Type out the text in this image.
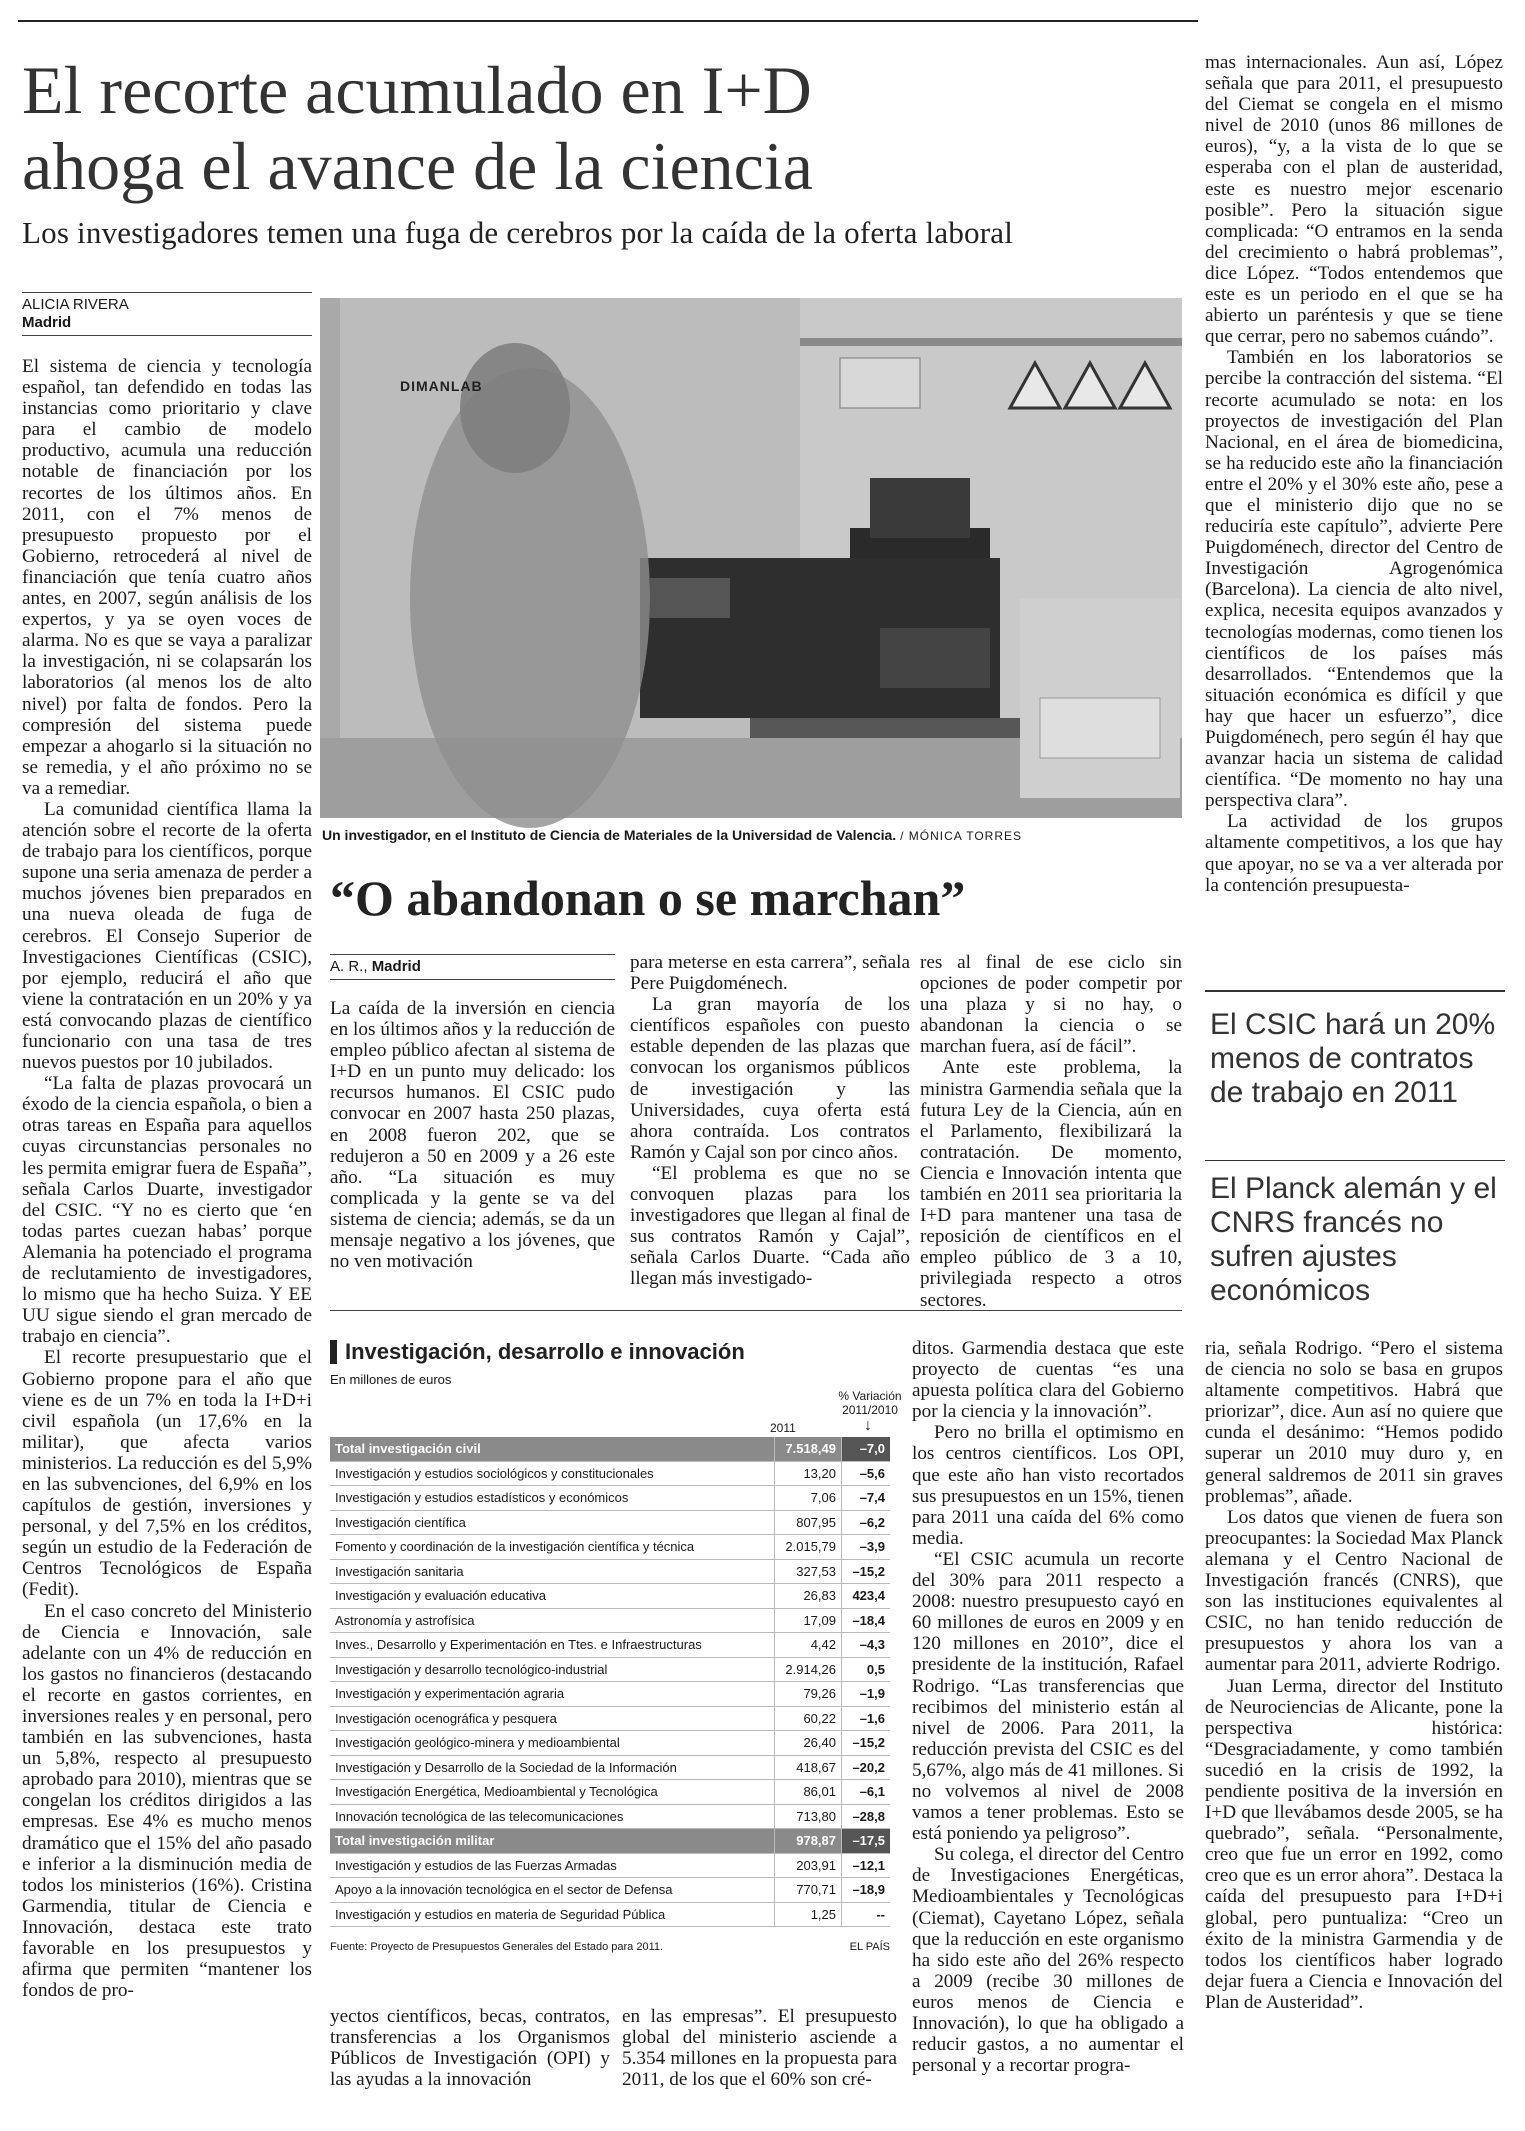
El recorte acumulado en I+D
ahoga el avance de la ciencia
Los investigadores temen una fuga de cerebros por la caída de la oferta laboral
ALICIA RIVERA
Madrid

El sistema de ciencia y tecnología español, tan defendido en todas las instancias como prioritario y clave para el cambio de modelo productivo, acumula una reducción notable de financiación por los recortes de los últimos años. En 2011, con el 7% menos de presupuesto propuesto por el Gobierno, retrocederá al nivel de financiación que tenía cuatro años antes, en 2007, según análisis de los expertos, y ya se oyen voces de alarma. No es que se vaya a paralizar la investigación, ni se colapsarán los laboratorios (al menos los de alto nivel) por falta de fondos. Pero la compresión del sistema puede empezar a ahogarlo si la situación no se remedia, y el año próximo no se va a remediar.

La comunidad científica llama la atención sobre el recorte de la oferta de trabajo para los científicos, porque supone una seria amenaza de perder a muchos jóvenes bien preparados en una nueva oleada de fuga de cerebros. El Consejo Superior de Investigaciones Científicas (CSIC), por ejemplo, reducirá el año que viene la contratación en un 20% y ya está convocando plazas de científico funcionario con una tasa de tres nuevos puestos por 10 jubilados.

“La falta de plazas provocará un éxodo de la ciencia española, o bien a otras tareas en España para aquellos cuyas circunstancias personales no les permita emigrar fuera de España”, señala Carlos Duarte, investigador del CSIC. “Y no es cierto que ‘en todas partes cuezan habas’ porque Alemania ha potenciado el programa de reclutamiento de investigadores, lo mismo que ha hecho Suiza. Y EE UU sigue siendo el gran mercado de trabajo en ciencia”.

El recorte presupuestario que el Gobierno propone para el año que viene es de un 7% en toda la I+D+i civil española (un 17,6% en la militar), que afecta varios ministerios. La reducción es del 5,9% en las subvenciones, del 6,9% en los capítulos de gestión, inversiones y personal, y del 7,5% en los créditos, según un estudio de la Federación de Centros Tecnológicos de España (Fedit).

En el caso concreto del Ministerio de Ciencia e Innovación, sale adelante con un 4% de reducción en los gastos no financieros (destacando el recorte en gastos corrientes, en inversiones reales y en personal, pero también en las subvenciones, hasta un 5,8%, respecto al presupuesto aprobado para 2010), mientras que se congelan los créditos dirigidos a las empresas. Ese 4% es mucho menos dramático que el 15% del año pasado e inferior a la disminución media de todos los ministerios (16%). Cristina Garmendia, titular de Ciencia e Innovación, destaca este trato favorable en los presupuestos y afirma que permiten “mantener los fondos de pro-

DIMANLAB
Un investigador, en el Instituto de Ciencia de Materiales de la Universidad de Valencia. / MÓNICA TORRES
“O abandonan o se marchan”
A. R., Madrid

La caída de la inversión en ciencia en los últimos años y la reducción de empleo público afectan al sistema de I+D en un punto muy delicado: los recursos humanos. El CSIC pudo convocar en 2007 hasta 250 plazas, en 2008 fueron 202, que se redujeron a 50 en 2009 y a 26 este año. “La situación es muy complicada y la gente se va del sistema de ciencia; además, se da un mensaje negativo a los jóvenes, que no ven motivación

para meterse en esta carrera”, señala Pere Puigdoménech.

La gran mayoría de los científicos españoles con puesto estable dependen de las plazas que convocan los organismos públicos de investigación y las Universidades, cuya oferta está ahora contraída. Los contratos Ramón y Cajal son por cinco años.

“El problema es que no se convoquen plazas para los investigadores que llegan al final de sus contratos Ramón y Cajal”, señala Carlos Duarte. “Cada año llegan más investigado-

res al final de ese ciclo sin opciones de poder competir por una plaza y si no hay, o abandonan la ciencia o se marchan fuera, así de fácil”.

Ante este problema, la ministra Garmendia señala que la futura Ley de la Ciencia, aún en el Parlamento, flexibilizará la contratación. De momento, Ciencia e Innovación intenta que también en 2011 sea prioritaria la I+D para mantener una tasa de reposición de científicos en el empleo público de 3 a 10, privilegiada respecto a otros sectores.

mas internacionales. Aun así, López señala que para 2011, el presupuesto del Ciemat se congela en el mismo nivel de 2010 (unos 86 millones de euros), “y, a la vista de lo que se esperaba con el plan de austeridad, este es nuestro mejor escenario posible”. Pero la situación sigue complicada: “O entramos en la senda del crecimiento o habrá problemas”, dice López. “Todos entendemos que este es un periodo en el que se ha abierto un paréntesis y que se tiene que cerrar, pero no sabemos cuándo”.

También en los laboratorios se percibe la contracción del sistema. “El recorte acumulado se nota: en los proyectos de investigación del Plan Nacional, en el área de biomedicina, se ha reducido este año la financiación entre el 20% y el 30% este año, pese a que el ministerio dijo que no se reduciría este capítulo”, advierte Pere Puigdoménech, director del Centro de Investigación Agrogenómica (Barcelona). La ciencia de alto nivel, explica, necesita equipos avanzados y tecnologías modernas, como tienen los científicos de los países más desarrollados. “Entendemos que la situación económica es difícil y que hay que hacer un esfuerzo”, dice Puigdoménech, pero según él hay que avanzar hacia un sistema de calidad científica. “De momento no hay una perspectiva clara”.

La actividad de los grupos altamente competitivos, a los que hay que apoyar, no se va a ver alterada por la contención presupuesta-

El CSIC hará un 20% menos de contratos de trabajo en 2011
El Planck alemán y el CNRS francés no sufren ajustes económicos

ria, señala Rodrigo. “Pero el sistema de ciencia no solo se basa en grupos altamente competitivos. Habrá que priorizar”, dice. Aun así no quiere que cunda el desánimo: “Hemos podido superar un 2010 muy duro y, en general saldremos de 2011 sin graves problemas”, añade.

Los datos que vienen de fuera son preocupantes: la Sociedad Max Planck alemana y el Centro Nacional de Investigación francés (CNRS), que son las instituciones equivalentes al CSIC, no han tenido reducción de presupuestos y ahora los van a aumentar para 2011, advierte Rodrigo.

Juan Lerma, director del Instituto de Neurociencias de Alicante, pone la perspectiva histórica: “Desgraciadamente, y como también sucedió en la crisis de 1992, la pendiente positiva de la inversión en I+D que llevábamos desde 2005, se ha quebrado”, señala. “Personalmente, creo que fue un error en 1992, como creo que es un error ahora”. Destaca la caída del presupuesto para I+D+i global, pero puntualiza: “Creo un éxito de la ministra Garmendia y de todos los científicos haber logrado dejar fuera a Ciencia e Innovación del Plan de Austeridad”.

ditos. Garmendia destaca que este proyecto de cuentas “es una apuesta política clara del Gobierno por la ciencia y la innovación”.

Pero no brilla el optimismo en los centros científicos. Los OPI, que este año han visto recortados sus presupuestos en un 15%, tienen para 2011 una caída del 6% como media.

“El CSIC acumula un recorte del 30% para 2011 respecto a 2008: nuestro presupuesto cayó en 60 millones de euros en 2009 y en 120 millones en 2010”, dice el presidente de la institución, Rafael Rodrigo. “Las transferencias que recibimos del ministerio están al nivel de 2006. Para 2011, la reducción prevista del CSIC es del 5,67%, algo más de 41 millones. Si no volvemos al nivel de 2008 vamos a tener problemas. Esto se está poniendo ya peligroso”.

Su colega, el director del Centro de Investigaciones Energéticas, Medioambientales y Tecnológicas (Ciemat), Cayetano López, señala que la reducción en este organismo ha sido este año del 26% respecto a 2009 (recibe 30 millones de euros menos de Ciencia e Innovación), lo que ha obligado a reducir gastos, a no aumentar el personal y a recortar progra-

Investigación, desarrollo e innovación
En millones de euros
2011
% Variación 2011/2010
↓
Total investigación civil	7.518,49	–7,0
Investigación y estudios sociológicos y constitucionales	13,20	–5,6
Investigación y estudios estadísticos y económicos	7,06	–7,4
Investigación científica	807,95	–6,2
Fomento y coordinación de la investigación científica y técnica	2.015,79	–3,9
Investigación sanitaria	327,53	–15,2
Investigación y evaluación educativa	26,83	423,4
Astronomía y astrofísica	17,09	–18,4
Inves., Desarrollo y Experimentación en Ttes. e Infraestructuras	4,42	–4,3
Investigación y desarrollo tecnológico-industrial	2.914,26	0,5
Investigación y experimentación agraria	79,26	–1,9
Investigación ocenográfica y pesquera	60,22	–1,6
Investigación geológico-minera y medioambiental	26,40	–15,2
Investigación y Desarrollo de la Sociedad de la Información	418,67	–20,2
Investigación Energética, Medioambiental y Tecnológica	86,01	–6,1
Innovación tecnológica de las telecomunicaciones	713,80	–28,8
Total investigación militar	978,87	–17,5
Investigación y estudios de las Fuerzas Armadas	203,91	–12,1
Apoyo a la innovación tecnológica en el sector de Defensa	770,71	–18,9
Investigación y estudios en materia de Seguridad Pública	1,25	--
Fuente: Proyecto de Presupuestos Generales del Estado para 2011.	EL PAÍS

yectos científicos, becas, contratos, transferencias a los Organismos Públicos de Investigación (OPI) y las ayudas a la innovación

en las empresas”. El presupuesto global del ministerio asciende a 5.354 millones en la propuesta para 2011, de los que el 60% son cré-
